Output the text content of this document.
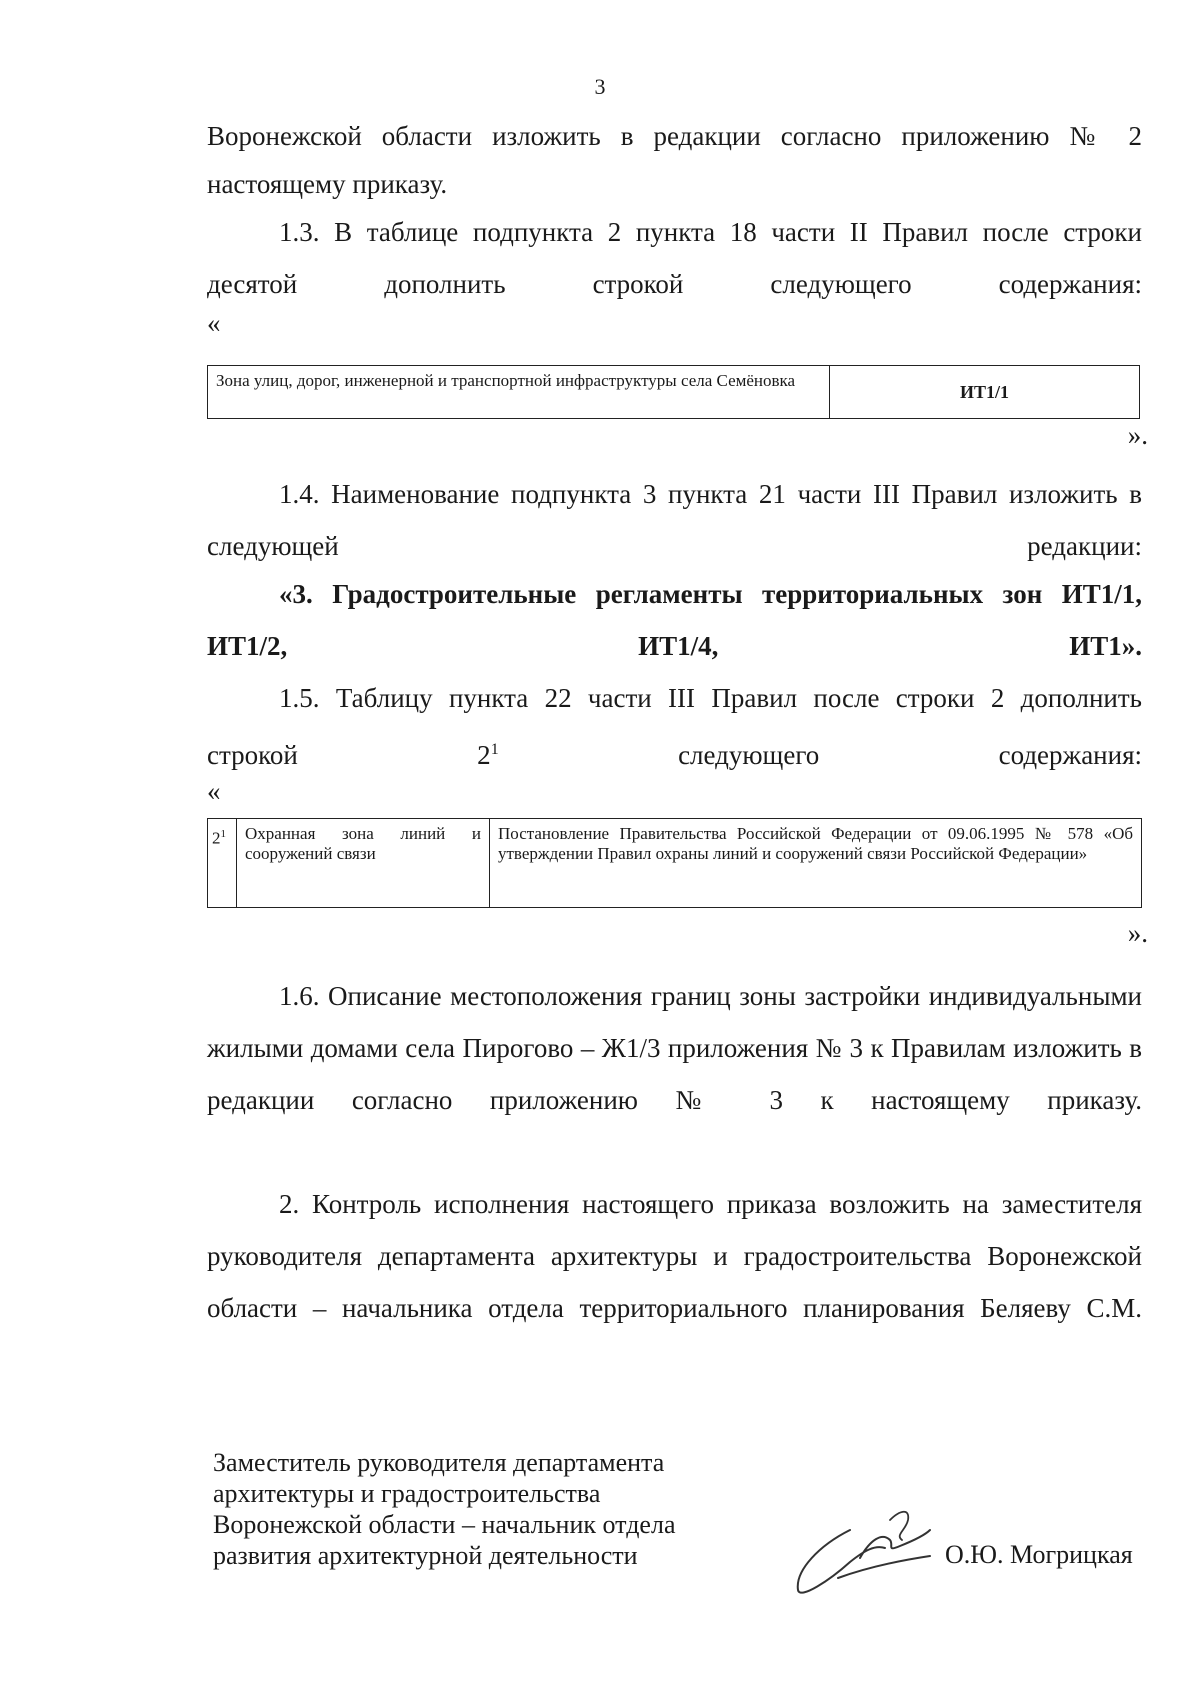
3

Воронежской области изложить в редакции согласно приложению № 2

настоящему приказу.

1.3. В таблице подпункта 2 пункта 18 части II Правил после строки десятой дополнить строкой следующего содержания:

«
Зона улиц, дорог, инженерной и транспортной инфраструктуры села Семёновка	ИТ1/1
».

1.4. Наименование подпункта 3 пункта 21 части III Правил изложить в следующей редакции:

«3. Градостроительные регламенты территориальных зон ИТ1/1, ИТ1/2, ИТ1/4, ИТ1».

1.5. Таблицу пункта 22 части III Правил после строки 2 дополнить строкой $2^1$ следующего содержания:

«
$2^1$	Охранная зона линий и сооружений связи	Постановление Правительства Российской Федерации от 09.06.1995 № 578 «Об утверждении Правил охраны линий и сооружений связи Российской Федерации»
».

1.6. Описание местоположения границ зоны застройки индивидуальными жилыми домами села Пирогово – Ж1/3 приложения № 3 к Правилам изложить в редакции согласно приложению № 3 к настоящему приказу.

2. Контроль исполнения настоящего приказа возложить на заместителя руководителя департамента архитектуры и градостроительства Воронежской области – начальника отдела территориального планирования Беляеву С.М.

Заместитель руководителя департамента
архитектуры и градостроительства
Воронежской области – начальник отдела
развития архитектурной деятельности	О.Ю. Могрицкая
